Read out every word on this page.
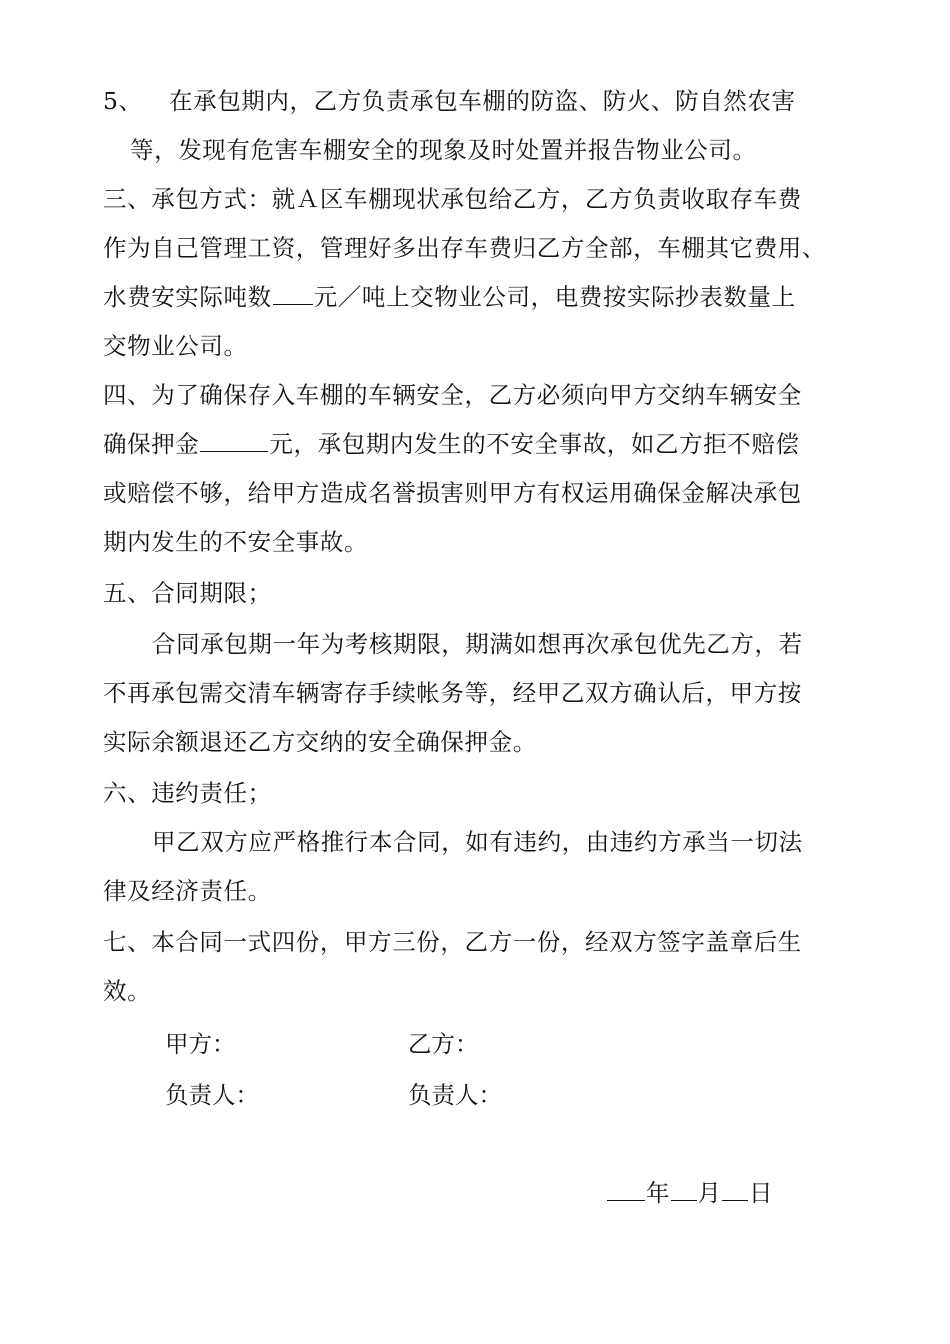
5、 在承包期内，乙方负责承包车棚的防盗、防火、防自然农害
等，发现有危害车棚安全的现象及时处置并报告物业公司。
三、承包方式：就Ａ区车棚现状承包给乙方，乙方负责收取存车费
作为自己管理工资，管理好多出存车费归乙方全部，车棚其它费用、
水费安实际吨数 元／吨上交物业公司，电费按实际抄表数量上
交物业公司。
四、为了确保存入车棚的车辆安全，乙方必须向甲方交纳车辆安全
确保押金	元，承包期内发生的不安全事故，如乙方拒不赔偿
或赔偿不够，给甲方造成名誉损害则甲方有权运用确保金解决承包
期内发生的不安全事故。
五、合同期限；
合同承包期一年为考核期限，期满如想再次承包优先乙方，若
不再承包需交清车辆寄存手续帐务等，经甲乙双方确认后，甲方按
实际余额退还乙方交纳的安全确保押金。
六、违约责任；
甲乙双方应严格推行本合同，如有违约，由违约方承当一切法
律及经济责任。
七、本合同一式四份，甲方三份，乙方一份，经双方签字盖章后生
效。
甲方：	乙方：
负责人：	负责人：
年 月 日
